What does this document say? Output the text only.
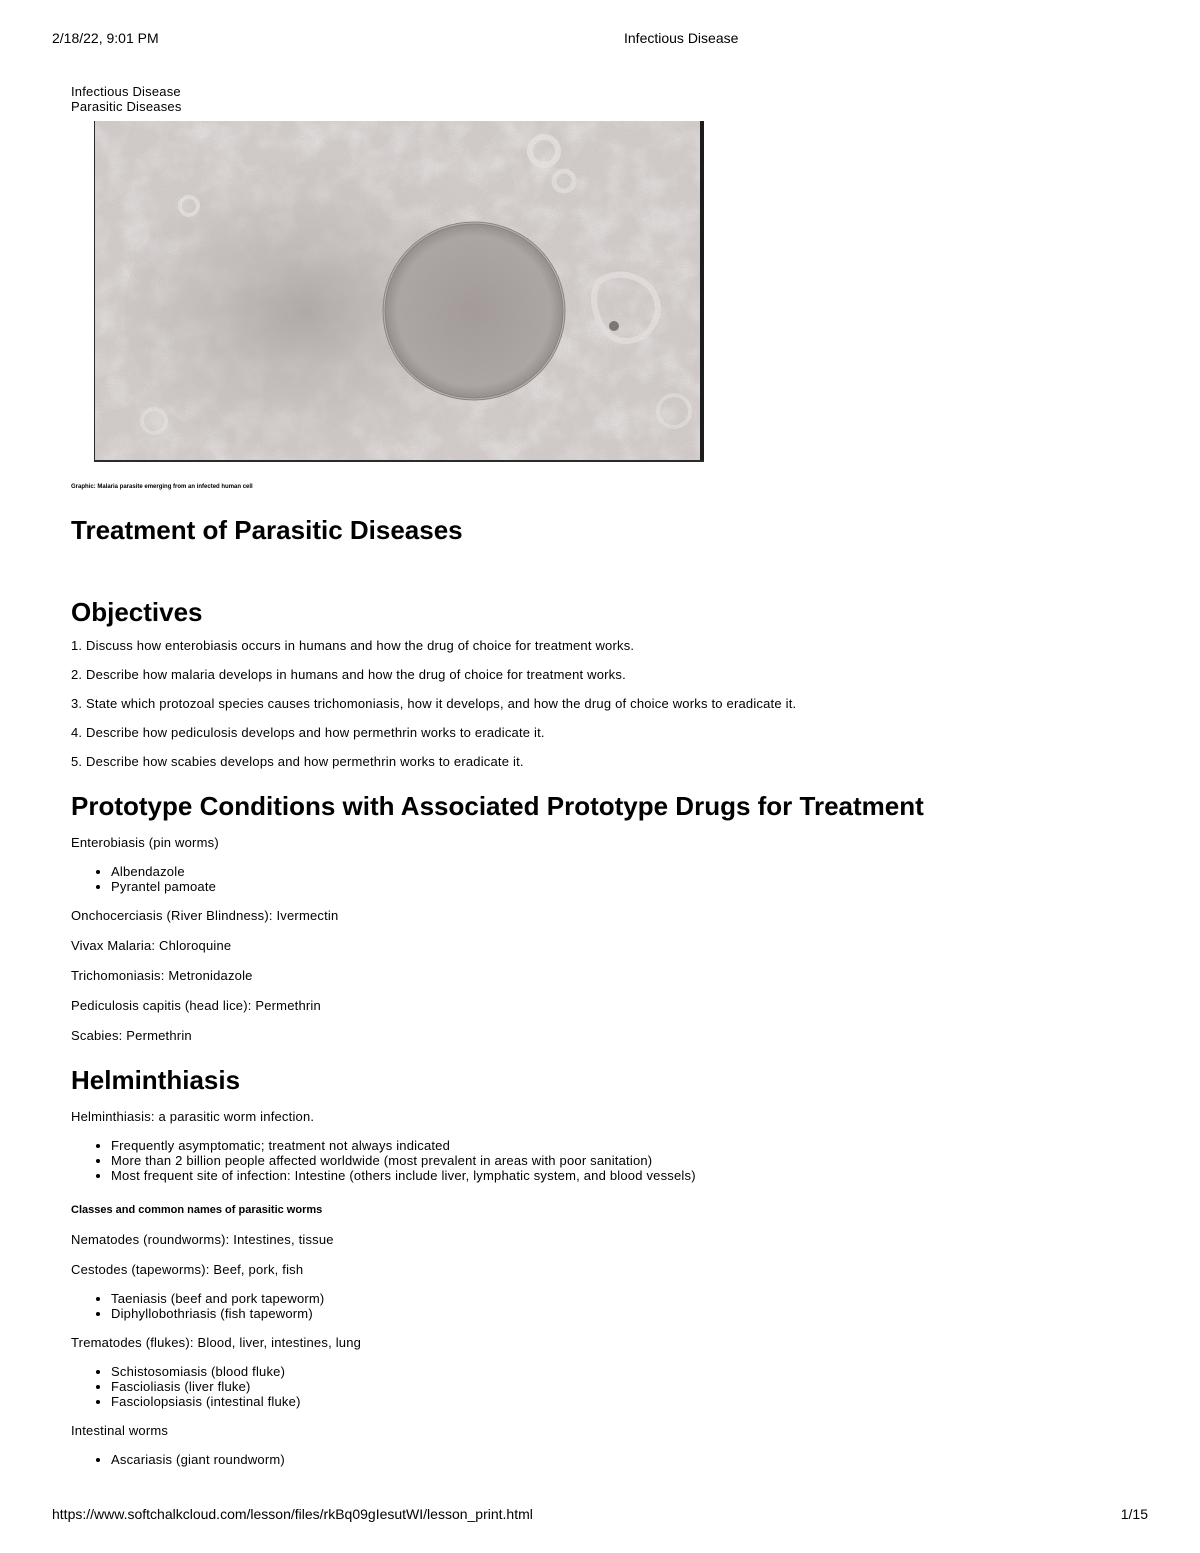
2/18/22, 9:01 PM	Infectious Disease
Infectious Disease
Parasitic Diseases
Graphic: Malaria parasite emerging from an infected human cell
Treatment of Parasitic Diseases
Objectives

1. Discuss how enterobiasis occurs in humans and how the drug of choice for treatment works.

2. Describe how malaria develops in humans and how the drug of choice for treatment works.

3. State which protozoal species causes trichomoniasis, how it develops, and how the drug of choice works to eradicate it.

4. Describe how pediculosis develops and how permethrin works to eradicate it.

5. Describe how scabies develops and how permethrin works to eradicate it.

Prototype Conditions with Associated Prototype Drugs for Treatment

Enterobiasis (pin worms)

• Albendazole
• Pyrantel pamoate

Onchocerciasis (River Blindness): Ivermectin

Vivax Malaria: Chloroquine

Trichomoniasis: Metronidazole

Pediculosis capitis (head lice): Permethrin

Scabies: Permethrin

Helminthiasis

Helminthiasis: a parasitic worm infection.

• Frequently asymptomatic; treatment not always indicated
• More than 2 billion people affected worldwide (most prevalent in areas with poor sanitation)
• Most frequent site of infection: Intestine (others include liver, lymphatic system, and blood vessels)

Classes and common names of parasitic worms

Nematodes (roundworms): Intestines, tissue

Cestodes (tapeworms): Beef, pork, fish

• Taeniasis (beef and pork tapeworm)
• Diphyllobothriasis (fish tapeworm)

Trematodes (flukes): Blood, liver, intestines, lung

• Schistosomiasis (blood fluke)
• Fascioliasis (liver fluke)
• Fasciolopsiasis (intestinal fluke)

Intestinal worms

• Ascariasis (giant roundworm)
https://www.softchalkcloud.com/lesson/files/rkBq09gIesutWI/lesson_print.html	1/15
